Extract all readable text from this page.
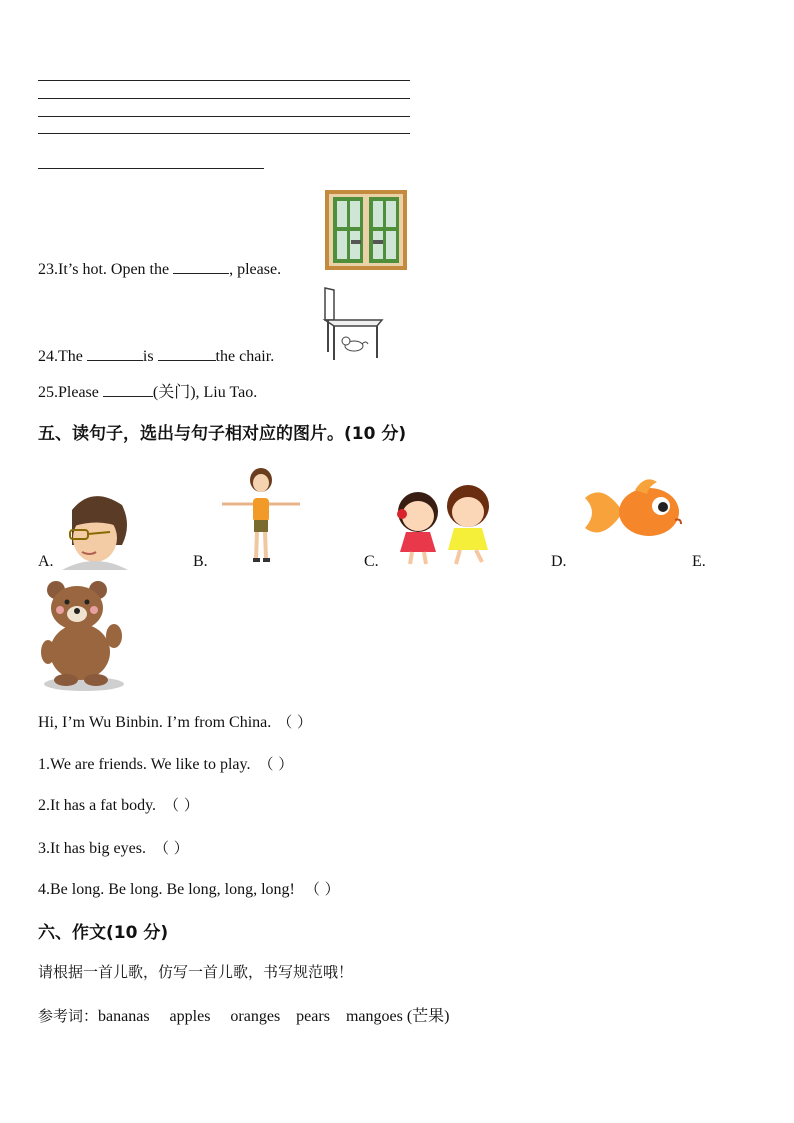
23.It’s hot. Open the	, please.
24.The	is	the chair.
25.Please	(关门), Liu Tao.
五、读句子，选出与句子相对应的图片。(10 分)
A.	B.	C.	D.	E.
Hi, I’m Wu Binbin. I’m from China. （ ）
1.We are friends. We like to play. （ ）
2.It has a fat body. （ ）
3.It has big eyes. （ ）
4.Be long. Be long. Be long, long, long! （ ）
六、作文(10 分)
请根据一首儿歌，仿写一首儿歌，书写规范哦！
参考词：bananas     apples     oranges    pears    mangoes (芒果)
